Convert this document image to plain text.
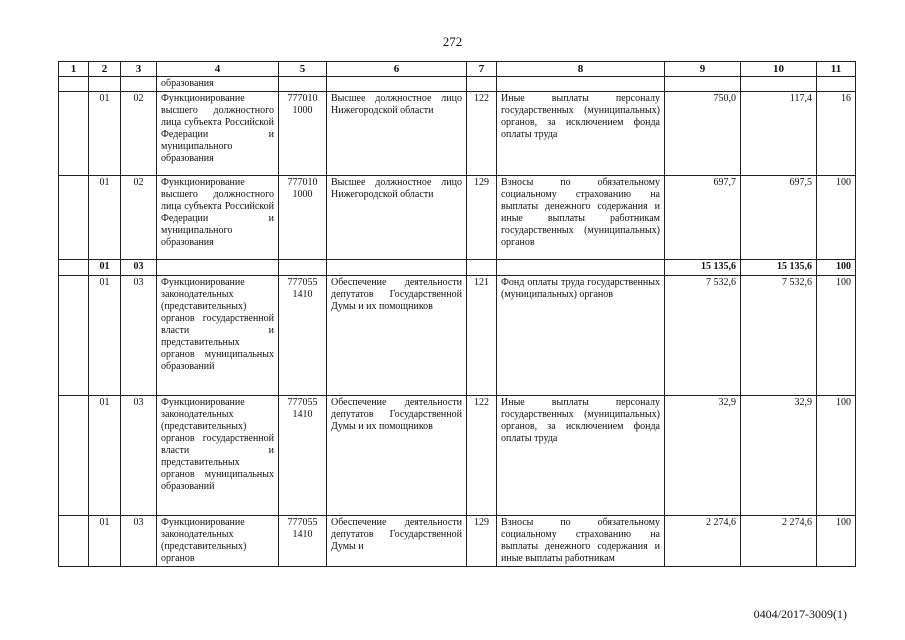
272
1	2	3	4	5	6	7	8	9	10	11
			образования							
	01	02	Функционирование высшего должностного лица субъекта Российской Федерации и муниципального образования	777010 1000	Высшее должностное лицо Нижегородской области	122	Иные выплаты персоналу государственных (муниципальных) органов, за исключением фонда оплаты труда	750,0	117,4	16
	01	02	Функционирование высшего должностного лица субъекта Российской Федерации и муниципального образования	777010 1000	Высшее должностное лицо Нижегородской области	129	Взносы по обязательному социальному страхованию на выплаты денежного содержания и иные выплаты работникам государственных (муниципальных) органов	697,7	697,5	100
	01	03						15 135,6	15 135,6	100
	01	03	Функционирование законодательных (представительных) органов государственной власти и представительных органов муниципальных образований	777055 1410	Обеспечение деятельности депутатов Государственной Думы и их помощников	121	Фонд оплаты труда государственных (муниципальных) органов	7 532,6	7 532,6	100
	01	03	Функционирование законодательных (представительных) органов государственной власти и представительных органов муниципальных образований	777055 1410	Обеспечение деятельности депутатов Государственной Думы и их помощников	122	Иные выплаты персоналу государственных (муниципальных) органов, за исключением фонда оплаты труда	32,9	32,9	100
	01	03	Функционирование законодательных (представительных) органов	777055 1410	Обеспечение деятельности депутатов Государственной Думы и	129	Взносы по обязательному социальному страхованию на выплаты денежного содержания и иные выплаты работникам	2 274,6	2 274,6	100
0404/2017-3009(1)
